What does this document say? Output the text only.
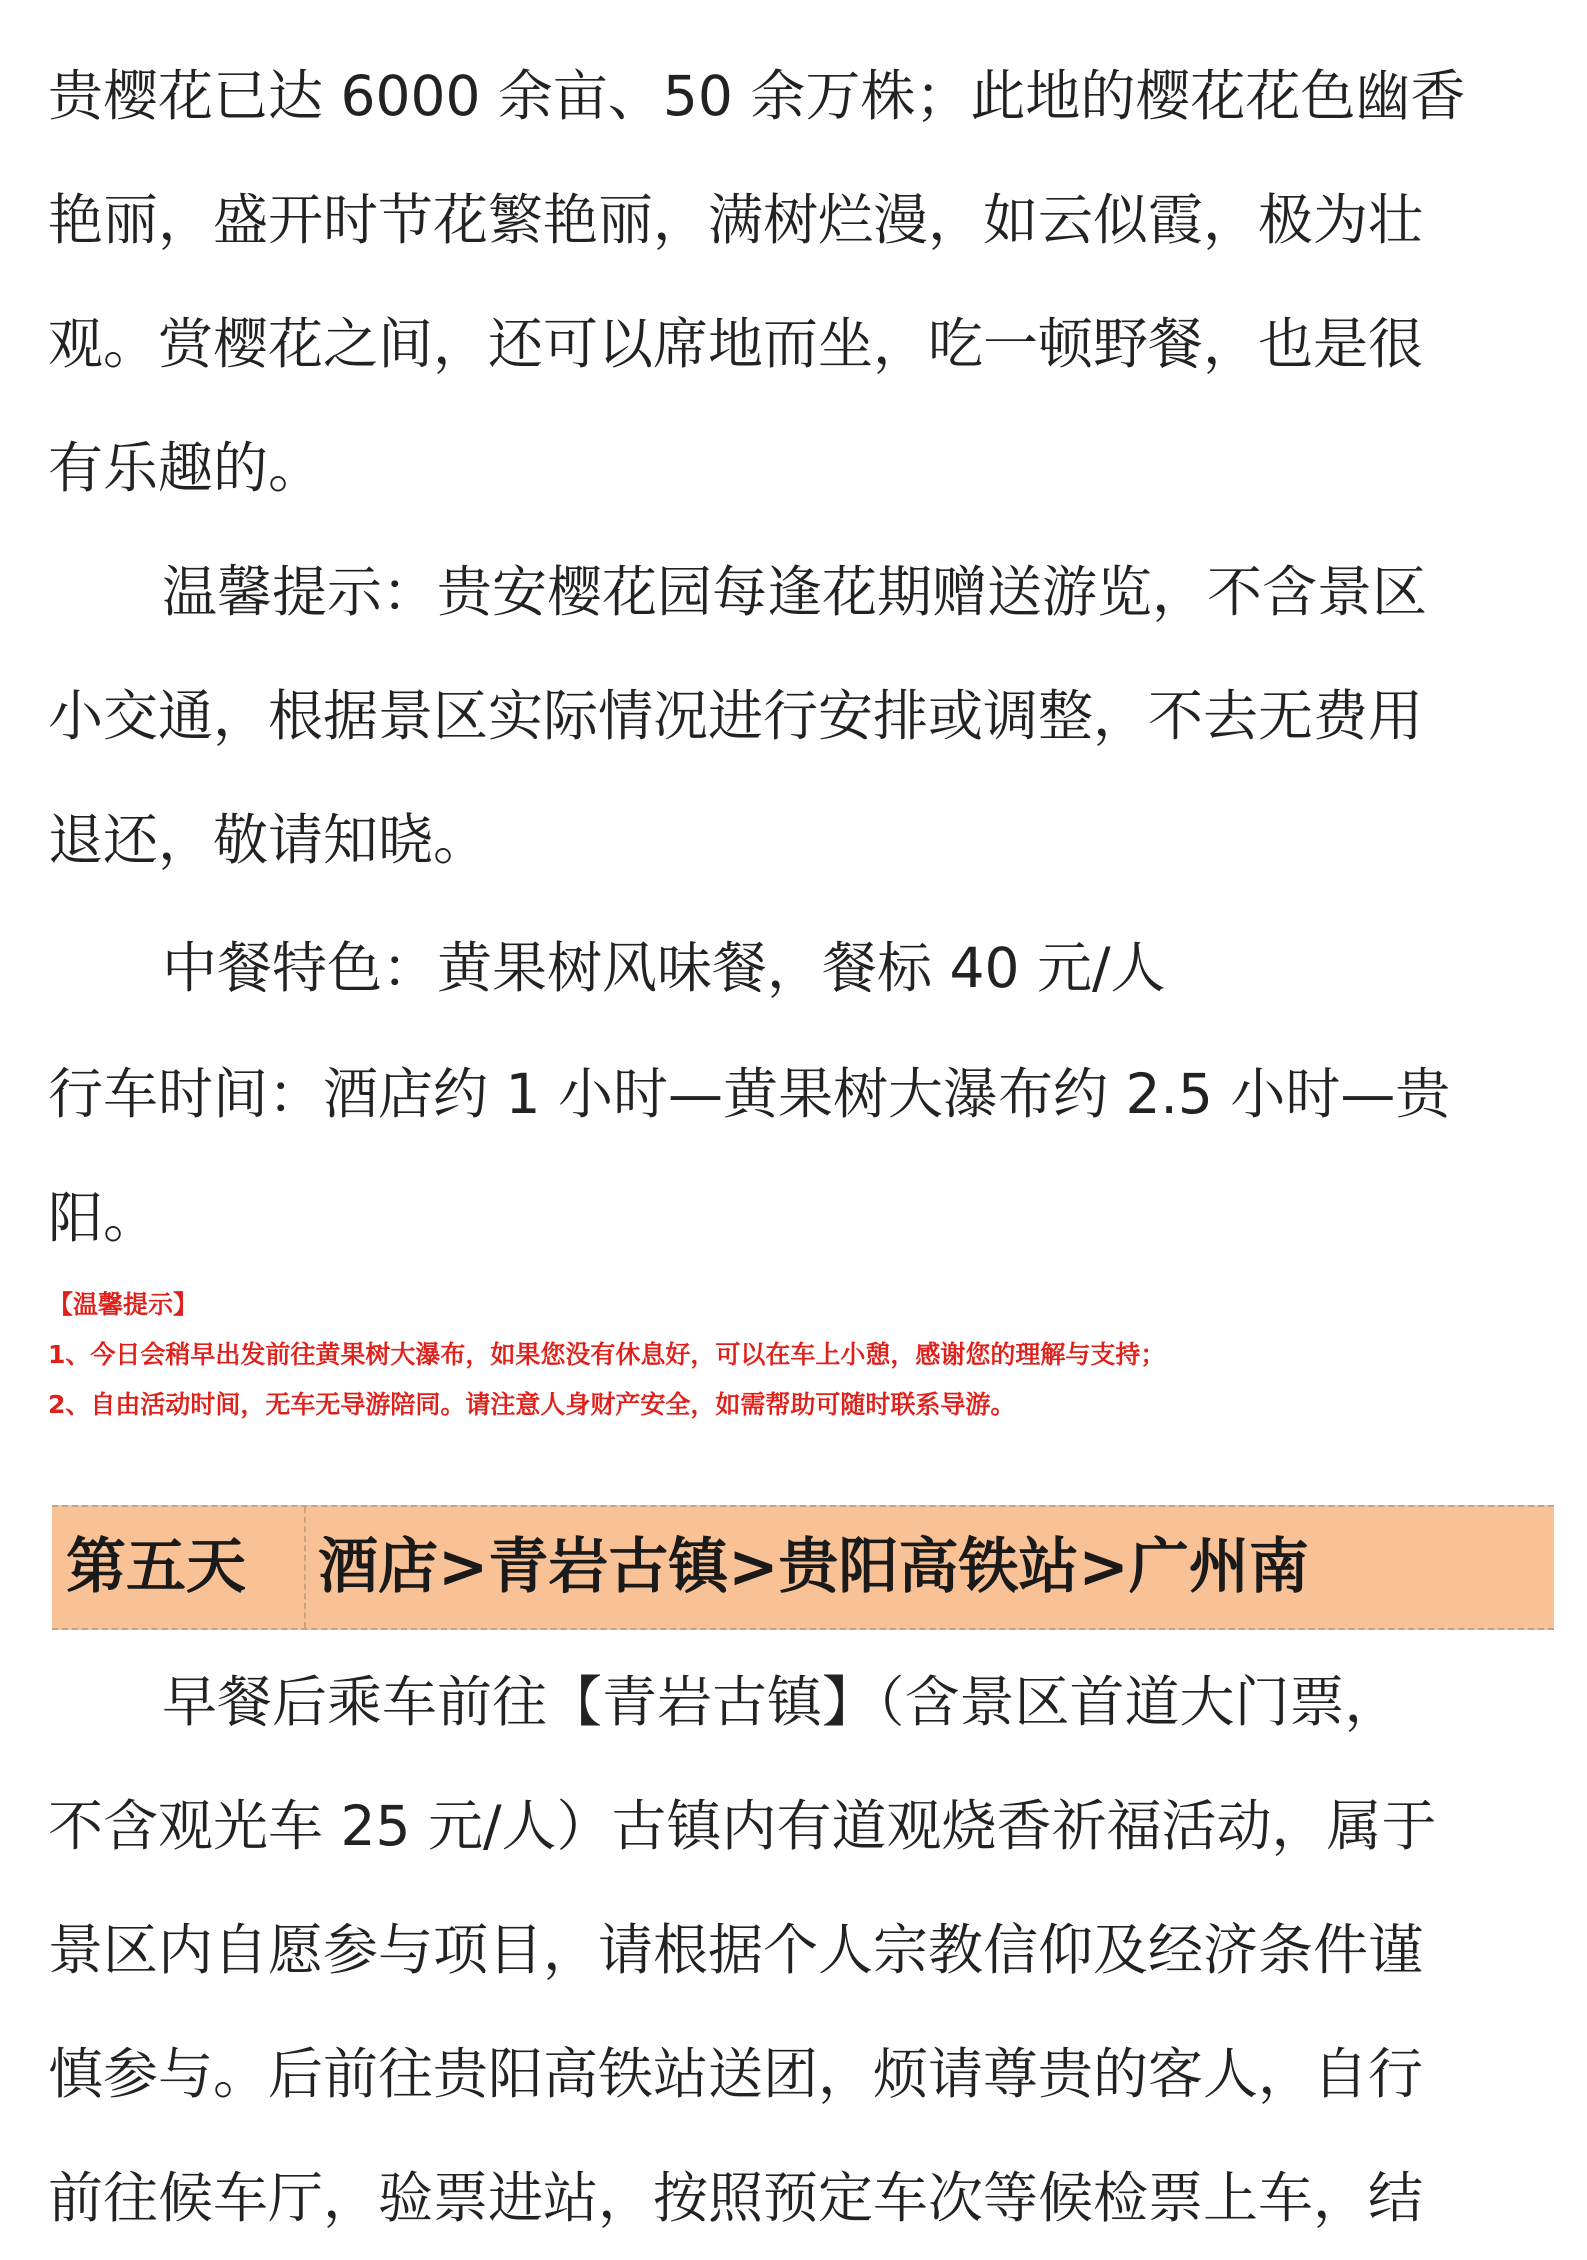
贵樱花已达 6000 余亩、50 余万株；此地的樱花花色幽香
艳丽，盛开时节花繁艳丽，满树烂漫，如云似霞，极为壮
观。赏樱花之间，还可以席地而坐，吃一顿野餐，也是很
有乐趣的。
温馨提示：贵安樱花园每逢花期赠送游览，不含景区
小交通，根据景区实际情况进行安排或调整，不去无费用
退还，敬请知晓。
中餐特色：黄果树风味餐，餐标 40 元/人
行车时间：酒店约 1 小时—黄果树大瀑布约 2.5 小时—贵
阳。
【温馨提示】
1、今日会稍早出发前往黄果树大瀑布，如果您没有休息好，可以在车上小憩，感谢您的理解与支持；
2、自由活动时间，无车无导游陪同。请注意人身财产安全，如需帮助可随时联系导游。
第五天 酒店>青岩古镇>贵阳高铁站>广州南
早餐后乘车前往【青岩古镇】（含景区首道大门票，
不含观光车 25 元/人）古镇内有道观烧香祈福活动，属于
景区内自愿参与项目，请根据个人宗教信仰及经济条件谨
慎参与。后前往贵阳高铁站送团，烦请尊贵的客人，自行
前往候车厅，验票进站，按照预定车次等候检票上车，结
